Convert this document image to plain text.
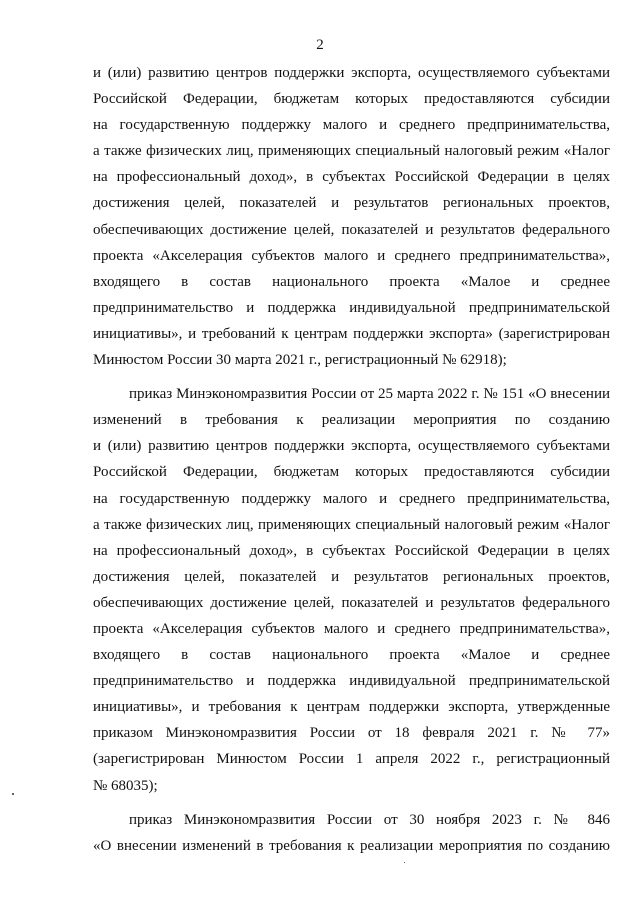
2
и (или) развитию центров поддержки экспорта, осуществляемого субъектами
Российской Федерации, бюджетам которых предоставляются субсидии
на государственную поддержку малого и среднего предпринимательства,
а также физических лиц, применяющих специальный налоговый режим «Налог
на профессиональный доход», в субъектах Российской Федерации в целях
достижения целей, показателей и результатов региональных проектов,
обеспечивающих достижение целей, показателей и результатов федерального
проекта «Акселерация субъектов малого и среднего предпринимательства»,
входящего в состав национального проекта «Малое и среднее
предпринимательство и поддержка индивидуальной предпринимательской
инициативы», и требований к центрам поддержки экспорта» (зарегистрирован
Минюстом России 30 марта 2021 г., регистрационный № 62918);
приказ Минэкономразвития России от 25 марта 2022 г. № 151 «О внесении
изменений в требования к реализации мероприятия по созданию
и (или) развитию центров поддержки экспорта, осуществляемого субъектами
Российской Федерации, бюджетам которых предоставляются субсидии
на государственную поддержку малого и среднего предпринимательства,
а также физических лиц, применяющих специальный налоговый режим «Налог
на профессиональный доход», в субъектах Российской Федерации в целях
достижения целей, показателей и результатов региональных проектов,
обеспечивающих достижение целей, показателей и результатов федерального
проекта «Акселерация субъектов малого и среднего предпринимательства»,
входящего в состав национального проекта «Малое и среднее
предпринимательство и поддержка индивидуальной предпринимательской
инициативы», и требования к центрам поддержки экспорта, утвержденные
приказом Минэкономразвития России от 18 февраля 2021 г. № 77»
(зарегистрирован Минюстом России 1 апреля 2022 г., регистрационный
№ 68035);
приказ Минэкономразвития России от 30 ноября 2023 г. № 846
«О внесении изменений в требования к реализации мероприятия по созданию
